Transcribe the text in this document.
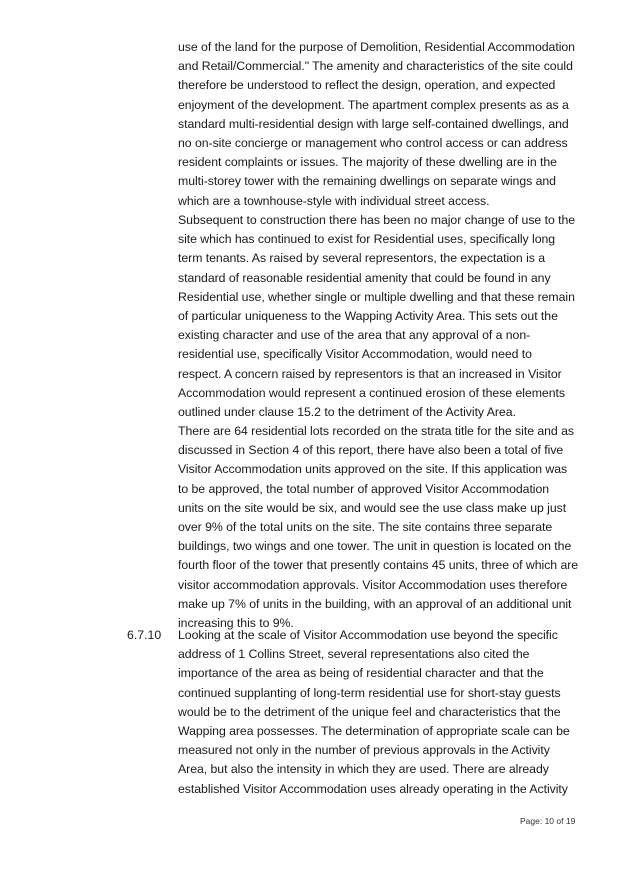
use of the land for the purpose of Demolition, Residential Accommodation
and Retail/Commercial." The amenity and characteristics of the site could
therefore be understood to reflect the design, operation, and expected
enjoyment of the development. The apartment complex presents as as a
standard multi-residential design with large self-contained dwellings, and
no on-site concierge or management who control access or can address
resident complaints or issues. The majority of these dwelling are in the
multi-storey tower with the remaining dwellings on separate wings and
which are a townhouse-style with individual street access.
Subsequent to construction there has been no major change of use to the
site which has continued to exist for Residential uses, specifically long
term tenants. As raised by several representors, the expectation is a
standard of reasonable residential amenity that could be found in any
Residential use, whether single or multiple dwelling and that these remain
of particular uniqueness to the Wapping Activity Area. This sets out the
existing character and use of the area that any approval of a non-
residential use, specifically Visitor Accommodation, would need to
respect. A concern raised by representors is that an increased in Visitor
Accommodation would represent a continued erosion of these elements
outlined under clause 15.2 to the detriment of the Activity Area.
There are 64 residential lots recorded on the strata title for the site and as
discussed in Section 4 of this report, there have also been a total of five
Visitor Accommodation units approved on the site. If this application was
to be approved, the total number of approved Visitor Accommodation
units on the site would be six, and would see the use class make up just
over 9% of the total units on the site. The site contains three separate
buildings, two wings and one tower. The unit in question is located on the
fourth floor of the tower that presently contains 45 units, three of which are
visitor accommodation approvals. Visitor Accommodation uses therefore
make up 7% of units in the building, with an approval of an additional unit
increasing this to 9%.
6.7.10 Looking at the scale of Visitor Accommodation use beyond the specific
address of 1 Collins Street, several representations also cited the
importance of the area as being of residential character and that the
continued supplanting of long-term residential use for short-stay guests
would be to the detriment of the unique feel and characteristics that the
Wapping area possesses. The determination of appropriate scale can be
measured not only in the number of previous approvals in the Activity
Area, but also the intensity in which they are used. There are already
established Visitor Accommodation uses already operating in the Activity
Page: 10 of 19
